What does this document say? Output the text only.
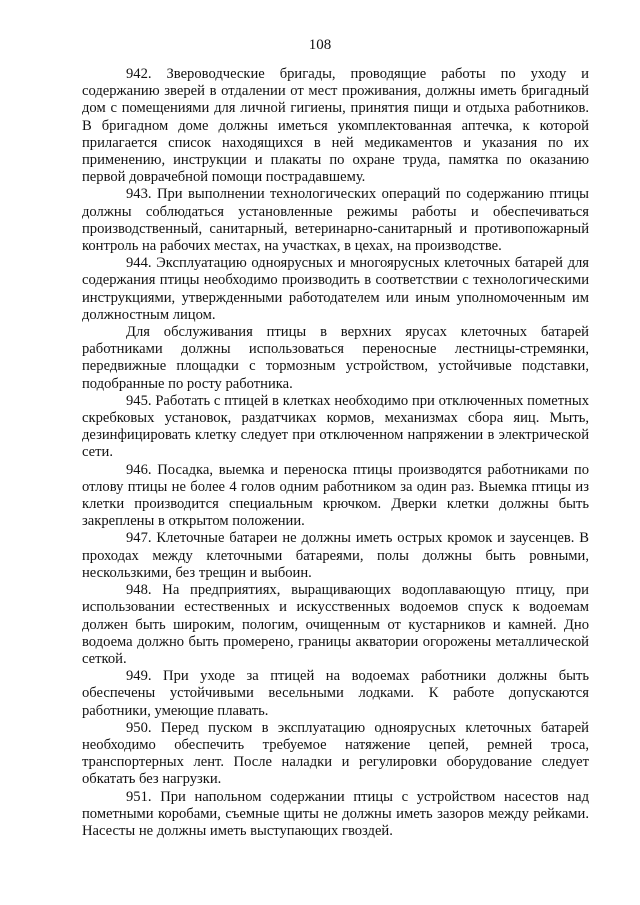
108

942. Звероводческие бригады, проводящие работы по уходу и содержанию зверей в отдалении от мест проживания, должны иметь бригадный дом с помещениями для личной гигиены, принятия пищи и отдыха работников. В бригадном доме должны иметься укомплектованная аптечка, к которой прилагается список находящихся в ней медикаментов и указания по их применению, инструкции и плакаты по охране труда, памятка по оказанию первой доврачебной помощи пострадавшему.

943. При выполнении технологических операций по содержанию птицы должны соблюдаться установленные режимы работы и обеспечиваться производственный, санитарный, ветеринарно-санитарный и противопожарный контроль на рабочих местах, на участках, в цехах, на производстве.

944. Эксплуатацию одноярусных и многоярусных клеточных батарей для содержания птицы необходимо производить в соответствии с технологическими инструкциями, утвержденными работодателем или иным уполномоченным им должностным лицом.

Для обслуживания птицы в верхних ярусах клеточных батарей работниками должны использоваться переносные лестницы-стремянки, передвижные площадки с тормозным устройством, устойчивые подставки, подобранные по росту работника.

945. Работать с птицей в клетках необходимо при отключенных пометных скребковых установок, раздатчиках кормов, механизмах сбора яиц. Мыть, дезинфицировать клетку следует при отключенном напряжении в электрической сети.

946. Посадка, выемка и переноска птицы производятся работниками по отлову птицы не более 4 голов одним работником за один раз. Выемка птицы из клетки производится специальным крючком. Дверки клетки должны быть закреплены в открытом положении.

947. Клеточные батареи не должны иметь острых кромок и заусенцев. В проходах между клеточными батареями, полы должны быть ровными, нескользкими, без трещин и выбоин.

948. На предприятиях, выращивающих водоплавающую птицу, при использовании естественных и искусственных водоемов спуск к водоемам должен быть широким, пологим, очищенным от кустарников и камней. Дно водоема должно быть промерено, границы акватории огорожены металлической сеткой.

949. При уходе за птицей на водоемах работники должны быть обеспечены устойчивыми весельными лодками. К работе допускаются работники, умеющие плавать.

950. Перед пуском в эксплуатацию одноярусных клеточных батарей необходимо обеспечить требуемое натяжение цепей, ремней троса, транспортерных лент. После наладки и регулировки оборудование следует обкатать без нагрузки.

951. При напольном содержании птицы с устройством насестов над пометными коробами, съемные щиты не должны иметь зазоров между рейками. Насесты не должны иметь выступающих гвоздей.
